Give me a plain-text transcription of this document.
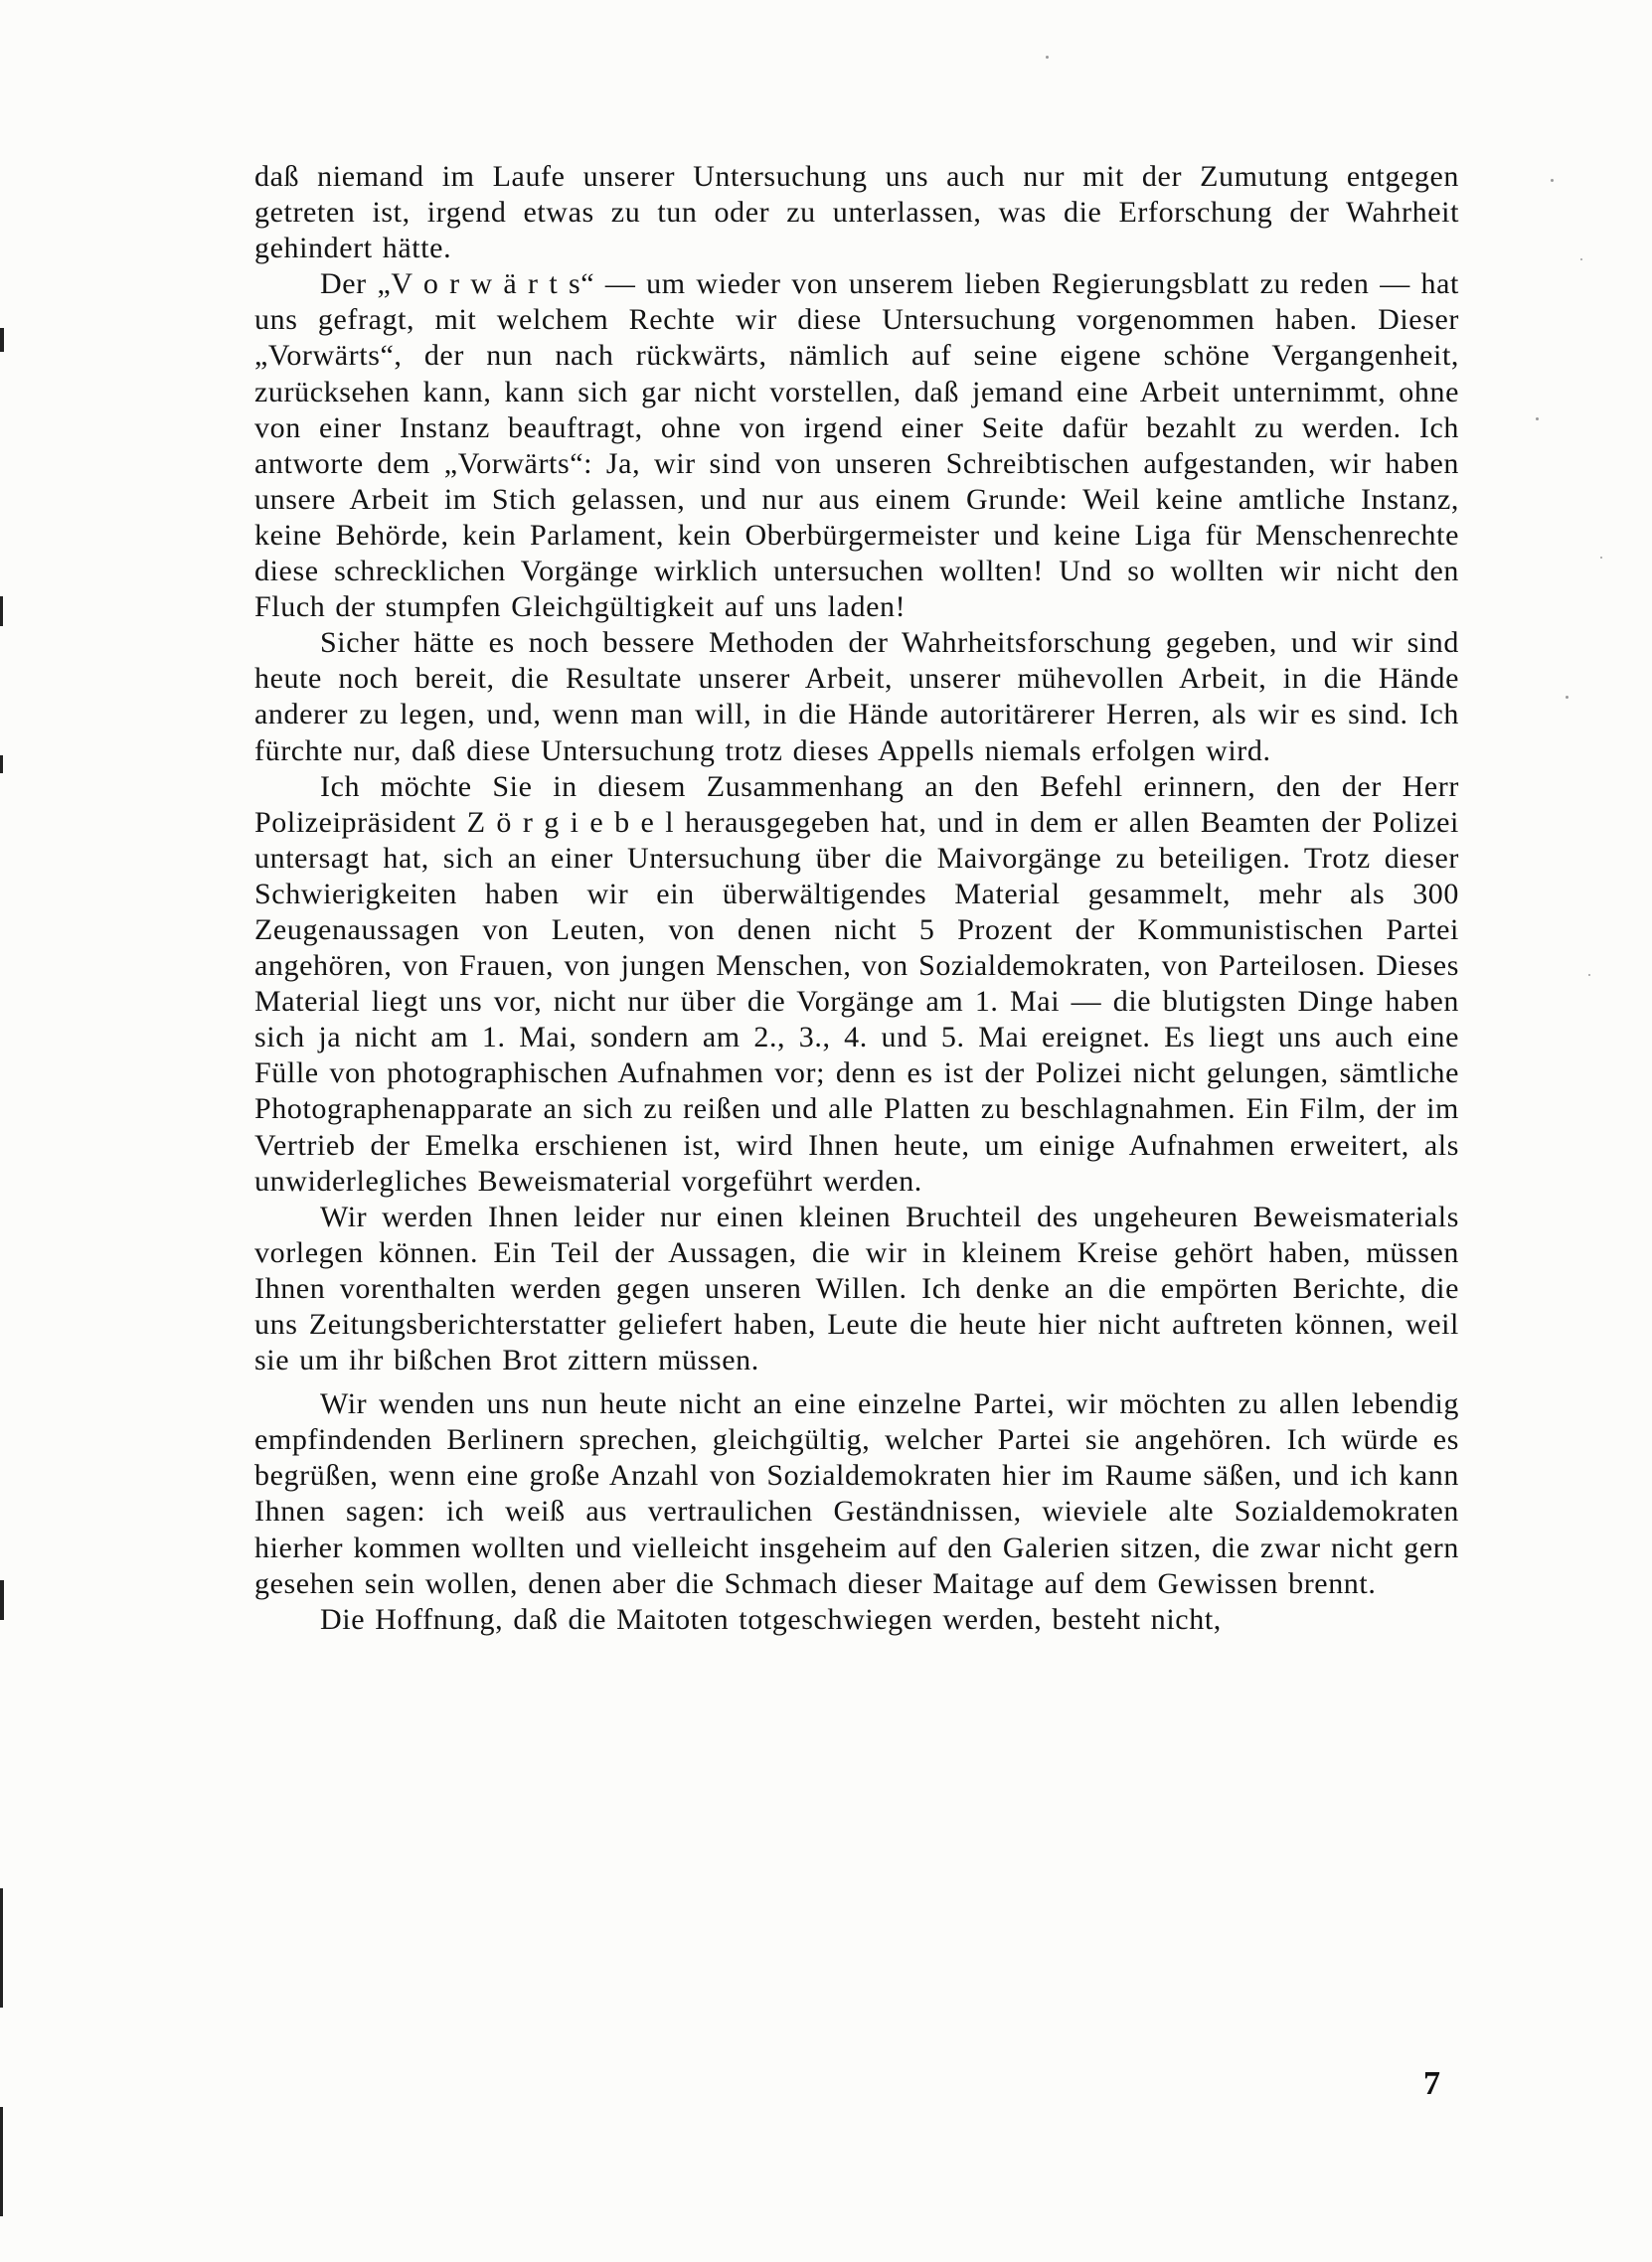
daß niemand im Laufe unserer Untersuchung uns auch nur mit der Zumutung entgegen getreten ist, irgend etwas zu tun oder zu unterlassen, was die Erforschung der Wahrheit gehindert hätte.

Der „V o r w ä r t s“ — um wieder von unserem lieben Regierungsblatt zu reden — hat uns gefragt, mit welchem Rechte wir diese Untersuchung vorgenommen haben. Dieser „Vorwärts“, der nun nach rückwärts, nämlich auf seine eigene schöne Vergangenheit, zurücksehen kann, kann sich gar nicht vorstellen, daß jemand eine Arbeit unternimmt, ohne von einer Instanz beauftragt, ohne von irgend einer Seite dafür bezahlt zu werden. Ich antworte dem „Vorwärts“: Ja, wir sind von unseren Schreibtischen aufgestanden, wir haben unsere Arbeit im Stich gelassen, und nur aus einem Grunde: Weil keine amtliche Instanz, keine Behörde, kein Parlament, kein Oberbürgermeister und keine Liga für Menschenrechte diese schrecklichen Vorgänge wirklich untersuchen wollten! Und so wollten wir nicht den Fluch der stumpfen Gleichgültigkeit auf uns laden!

Sicher hätte es noch bessere Methoden der Wahrheitsforschung gegeben, und wir sind heute noch bereit, die Resultate unserer Arbeit, unserer mühevollen Arbeit, in die Hände anderer zu legen, und, wenn man will, in die Hände autoritärerer Herren, als wir es sind. Ich fürchte nur, daß diese Untersuchung trotz dieses Appells niemals erfolgen wird.

Ich möchte Sie in diesem Zusammenhang an den Befehl erinnern, den der Herr Polizeipräsident Z ö r g i e b e l herausgegeben hat, und in dem er allen Beamten der Polizei untersagt hat, sich an einer Untersuchung über die Maivorgänge zu beteiligen. Trotz dieser Schwierigkeiten haben wir ein überwältigendes Material gesammelt, mehr als 300 Zeugenaussagen von Leuten, von denen nicht 5 Prozent der Kommunistischen Partei angehören, von Frauen, von jungen Menschen, von Sozialdemokraten, von Parteilosen. Dieses Material liegt uns vor, nicht nur über die Vorgänge am 1. Mai — die blutigsten Dinge haben sich ja nicht am 1. Mai, sondern am 2., 3., 4. und 5. Mai ereignet. Es liegt uns auch eine Fülle von photographischen Aufnahmen vor; denn es ist der Polizei nicht gelungen, sämtliche Photographenapparate an sich zu reißen und alle Platten zu beschlagnahmen. Ein Film, der im Vertrieb der Emelka erschienen ist, wird Ihnen heute, um einige Aufnahmen erweitert, als unwiderlegliches Beweismaterial vorgeführt werden.

Wir werden Ihnen leider nur einen kleinen Bruchteil des ungeheuren Beweismaterials vorlegen können. Ein Teil der Aussagen, die wir in kleinem Kreise gehört haben, müssen Ihnen vorenthalten werden gegen unseren Willen. Ich denke an die empörten Berichte, die uns Zeitungsberichterstatter geliefert haben, Leute die heute hier nicht auftreten können, weil sie um ihr bißchen Brot zittern müssen.

Wir wenden uns nun heute nicht an eine einzelne Partei, wir möchten zu allen lebendig empfindenden Berlinern sprechen, gleichgültig, welcher Partei sie angehören. Ich würde es begrüßen, wenn eine große Anzahl von Sozialdemokraten hier im Raume säßen, und ich kann Ihnen sagen: ich weiß aus vertraulichen Geständnissen, wieviele alte Sozialdemokraten hierher kommen wollten und vielleicht insgeheim auf den Galerien sitzen, die zwar nicht gern gesehen sein wollen, denen aber die Schmach dieser Maitage auf dem Gewissen brennt.

Die Hoffnung, daß die Maitoten totgeschwiegen werden, besteht nicht,

7
